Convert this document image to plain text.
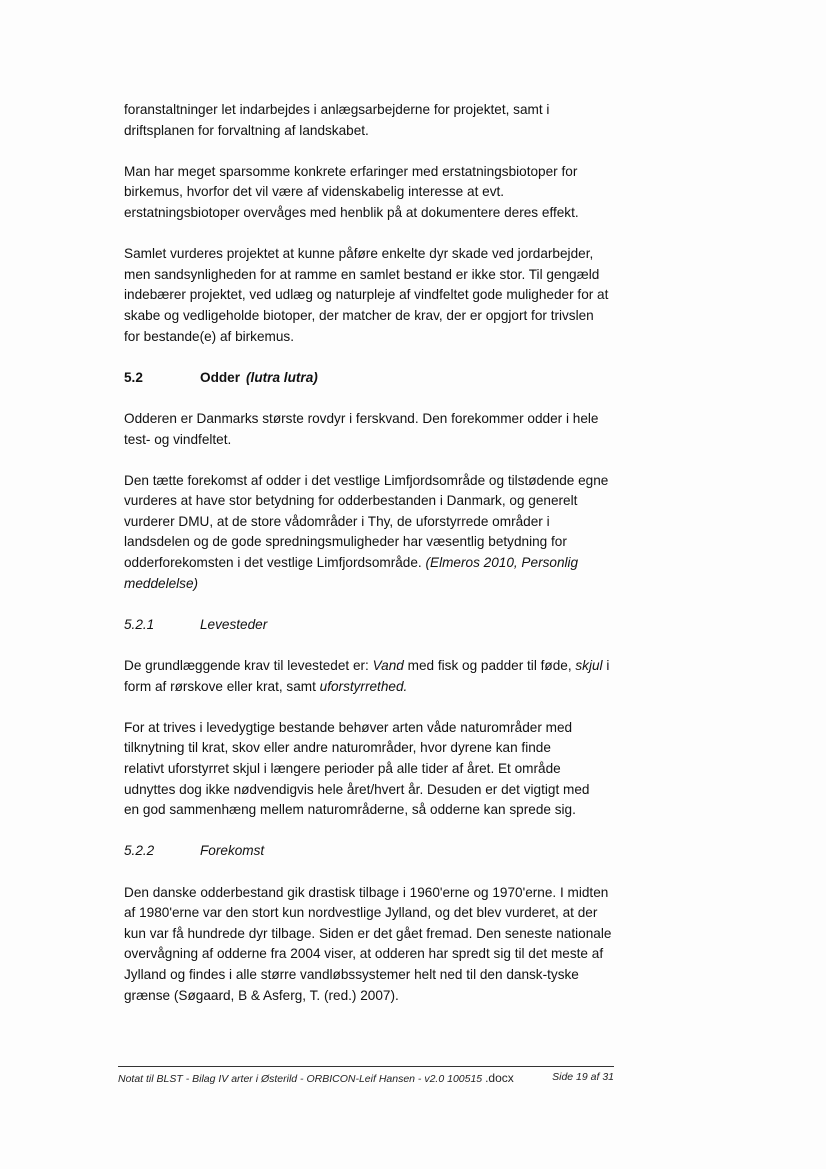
foranstaltninger let indarbejdes i anlægsarbejderne for projektet, samt i
driftsplanen for forvaltning af landskabet.

Man har meget sparsomme konkrete erfaringer med erstatningsbiotoper for
birkemus, hvorfor det vil være af videnskabelig interesse at evt.
erstatningsbiotoper overvåges med henblik på at dokumentere deres effekt.

Samlet vurderes projektet at kunne påføre enkelte dyr skade ved jordarbejder,
men sandsynligheden for at ramme en samlet bestand er ikke stor. Til gengæld
indebærer projektet, ved udlæg og naturpleje af vindfeltet gode muligheder for at
skabe og vedligeholde biotoper, der matcher de krav, der er opgjort for trivslen
for bestande(e) af birkemus.

5.2	Odder (lutra lutra)

Odderen er Danmarks største rovdyr i ferskvand. Den forekommer odder i hele
test- og vindfeltet.

Den tætte forekomst af odder i det vestlige Limfjordsområde og tilstødende egne
vurderes at have stor betydning for odderbestanden i Danmark, og generelt
vurderer DMU, at de store vådområder i Thy, de uforstyrrede områder i
landsdelen og de gode spredningsmuligheder har væsentlig betydning for
odderforekomsten i det vestlige Limfjordsområde. (Elmeros 2010, Personlig
meddelelse)

5.2.1	Levesteder

De grundlæggende krav til levestedet er: Vand med fisk og padder til føde, skjul i
form af rørskove eller krat, samt uforstyrrethed.

For at trives i levedygtige bestande behøver arten våde naturområder med
tilknytning til krat, skov eller andre naturområder, hvor dyrene kan finde
relativt uforstyrret skjul i længere perioder på alle tider af året. Et område
udnyttes dog ikke nødvendigvis hele året/hvert år. Desuden er det vigtigt med
en god sammenhæng mellem naturområderne, så odderne kan sprede sig.

5.2.2	Forekomst

Den danske odderbestand gik drastisk tilbage i 1960'erne og 1970'erne. I midten
af 1980'erne var den stort kun nordvestlige Jylland, og det blev vurderet, at der
kun var få hundrede dyr tilbage. Siden er det gået fremad. Den seneste nationale
overvågning af odderne fra 2004 viser, at odderen har spredt sig til det meste af
Jylland og findes i alle større vandløbssystemer helt ned til den dansk-tyske
grænse (Søgaard, B & Asferg, T. (red.) 2007).

Notat til BLST - Bilag IV arter i Østerild - ORBICON-Leif Hansen - v2.0 100515 .docx	Side 19 af 31
